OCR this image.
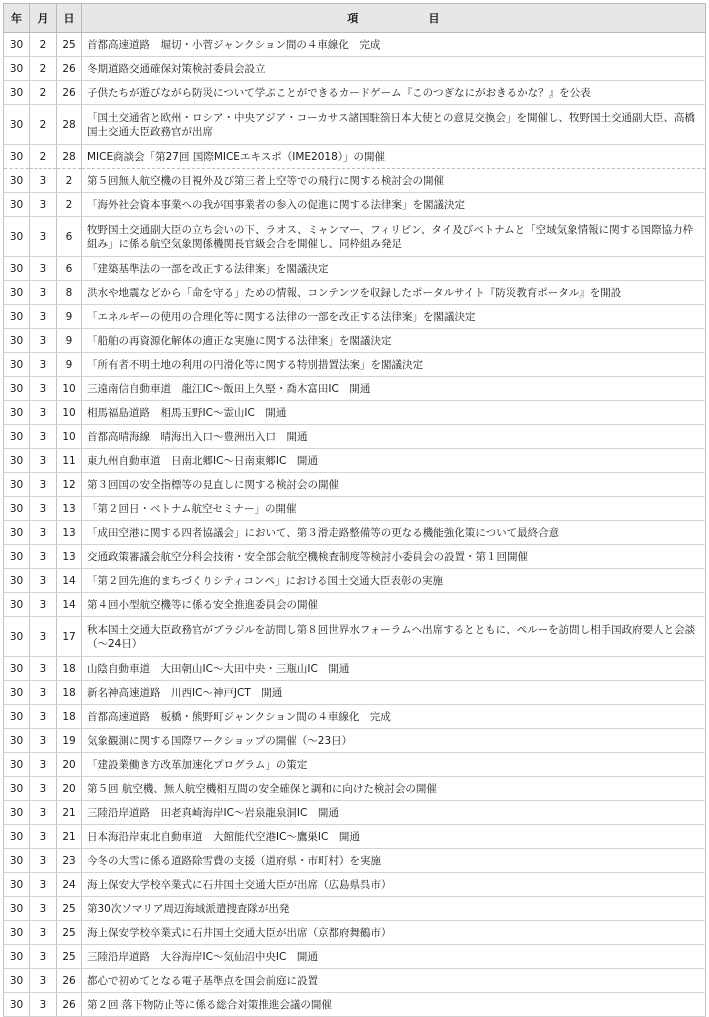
年	月	日	項 目
30	2	25	首都高速道路　堀切・小菅ジャンクション間の４車線化　完成
30	2	26	冬期道路交通確保対策検討委員会設立
30	2	26	子供たちが遊びながら防災について学ぶことができるカードゲーム『このつぎなにがおきるかな？』を公表
30	2	28	「国土交通省と欧州・ロシア・中央アジア・コーカサス諸国駐箚日本大使との意見交換会」を開催し、牧野国土交通副大臣、高橋国土交通大臣政務官が出席
30	2	28	MICE商談会「第27回 国際MICEエキスポ（IME2018）」の開催
30	3	2	第５回無人航空機の目視外及び第三者上空等での飛行に関する検討会の開催
30	3	2	「海外社会資本事業への我が国事業者の参入の促進に関する法律案」を閣議決定
30	3	6	牧野国土交通副大臣の立ち会いの下、ラオス、ミャンマー、フィリピン、タイ及びベトナムと「空域気象情報に関する国際協力枠組み」に係る航空気象関係機関長官級会合を開催し、同枠組み発足
30	3	6	「建築基準法の一部を改正する法律案」を閣議決定
30	3	8	洪水や地震などから「命を守る」ための情報、コンテンツを収録したポータルサイト『防災教育ポータル』を開設
30	3	9	「エネルギーの使用の合理化等に関する法律の一部を改正する法律案」を閣議決定
30	3	9	「船舶の再資源化解体の適正な実施に関する法律案」を閣議決定
30	3	9	「所有者不明土地の利用の円滑化等に関する特別措置法案」を閣議決定
30	3	10	三遠南信自動車道　龍江IC～飯田上久堅・喬木富田IC　開通
30	3	10	相馬福島道路　相馬玉野IC～霊山IC　開通
30	3	10	首都高晴海線　晴海出入口～豊洲出入口　開通
30	3	11	東九州自動車道　日南北郷IC～日南東郷IC　開通
30	3	12	第３回国の安全指標等の見直しに関する検討会の開催
30	3	13	「第２回日・ベトナム航空セミナー」の開催
30	3	13	「成田空港に関する四者協議会」において、第３滑走路整備等の更なる機能強化策について最終合意
30	3	13	交通政策審議会航空分科会技術・安全部会航空機検査制度等検討小委員会の設置・第１回開催
30	3	14	「第２回先進的まちづくりシティコンペ」における国土交通大臣表彰の実施
30	3	14	第４回小型航空機等に係る安全推進委員会の開催
30	3	17	秋本国土交通大臣政務官がブラジルを訪問し第８回世界水フォーラムへ出席するとともに、ペルーを訪問し相手国政府要人と会談（～24日）
30	3	18	山陰自動車道　大田朝山IC～大田中央・三瓶山IC　開通
30	3	18	新名神高速道路　川西IC～神戸JCT　開通
30	3	18	首都高速道路　板橋・熊野町ジャンクション間の４車線化　完成
30	3	19	気象観測に関する国際ワークショップの開催（～23日）
30	3	20	「建設業働き方改革加速化プログラム」の策定
30	3	20	第５回 航空機、無人航空機相互間の安全確保と調和に向けた検討会の開催
30	3	21	三陸沿岸道路　田老真崎海岸IC～岩泉龍泉洞IC　開通
30	3	21	日本海沿岸東北自動車道　大館能代空港IC～鷹巣IC　開通
30	3	23	今冬の大雪に係る道路除雪費の支援（道府県・市町村）を実施
30	3	24	海上保安大学校卒業式に石井国土交通大臣が出席（広島県呉市）
30	3	25	第30次ソマリア周辺海域派遣捜査隊が出発
30	3	25	海上保安学校卒業式に石井国土交通大臣が出席（京都府舞鶴市）
30	3	25	三陸沿岸道路　大谷海岸IC～気仙沼中央IC　開通
30	3	26	都心で初めてとなる電子基準点を国会前庭に設置
30	3	26	第２回 落下物防止等に係る総合対策推進会議の開催
